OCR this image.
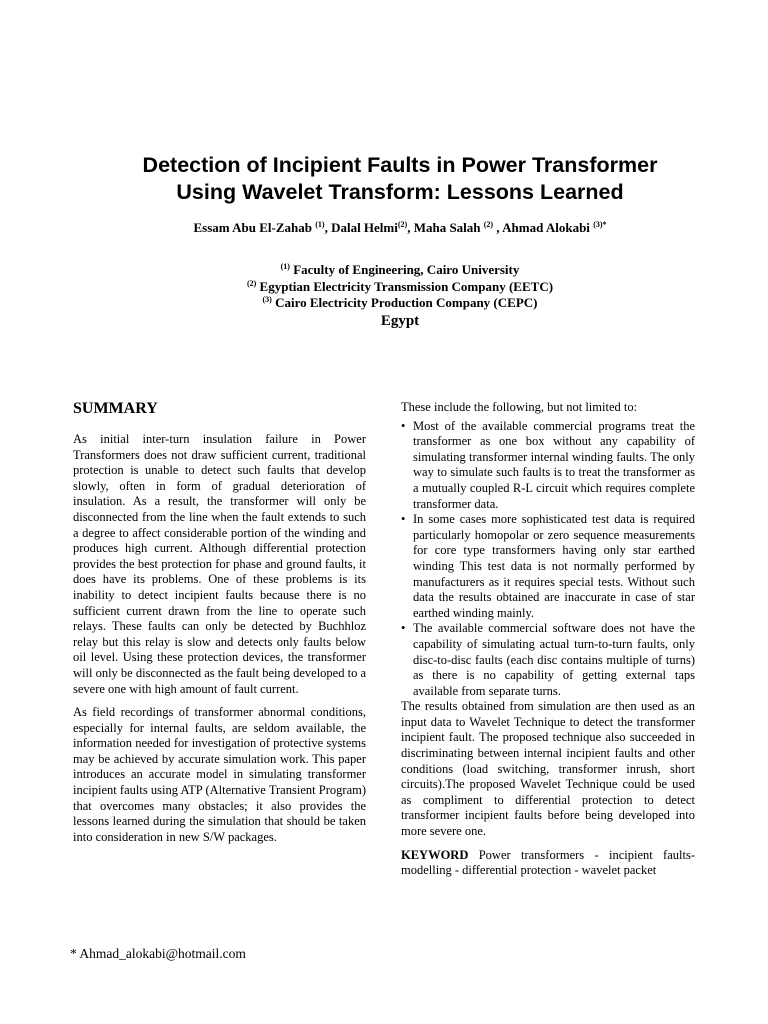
Detection of Incipient Faults in Power Transformer
Using Wavelet Transform: Lessons Learned
Essam Abu El-Zahab $^{(1)}$, Dalal Helmi$^{(2)}$, Maha Salah $^{(2)}$ , Ahmad Alokabi $^{(3)*}$
$^{(1)}$ Faculty of Engineering, Cairo University
$^{(2)}$ Egyptian Electricity Transmission Company (EETC)
$^{(3)}$ Cairo Electricity Production Company (CEPC)
Egypt
SUMMARY

As initial inter-turn insulation failure in Power Transformers does not draw sufficient current, traditional protection is unable to detect such faults that develop slowly, often in form of gradual deterioration of insulation. As a result, the transformer will only be disconnected from the line when the fault extends to such a degree to affect considerable portion of the winding and produces high current. Although differential protection provides the best protection for phase and ground faults, it does have its problems. One of these problems is its inability to detect incipient faults because there is no sufficient current drawn from the line to operate such relays. These faults can only be detected by Buchhloz relay but this relay is slow and detects only faults below oil level. Using these protection devices, the transformer will only be disconnected as the fault being developed to a severe one with high amount of fault current.

As field recordings of transformer abnormal conditions, especially for internal faults, are seldom available, the information needed for investigation of protective systems may be achieved by accurate simulation work. This paper introduces an accurate model in simulating transformer incipient faults using ATP (Alternative Transient Program) that overcomes many obstacles; it also provides the lessons learned during the simulation that should be taken into consideration in new S/W packages.

These include the following, but not limited to:

• Most of the available commercial programs treat the transformer as one box without any capability of simulating transformer internal winding faults. The only way to simulate such faults is to treat the transformer as a mutually coupled R-L circuit which requires complete transformer data.
• In some cases more sophisticated test data is required particularly homopolar or zero sequence measurements for core type transformers having only star earthed winding This test data is not normally performed by manufacturers as it requires special tests. Without such data the results obtained are inaccurate in case of star earthed winding mainly.
• The available commercial software does not have the capability of simulating actual turn-to-turn faults, only disc-to-disc faults (each disc contains multiple of turns) as there is no capability of getting external taps available from separate turns.

The results obtained from simulation are then used as an input data to Wavelet Technique to detect the transformer incipient fault. The proposed technique also succeeded in discriminating between internal incipient faults and other conditions (load switching, transformer inrush, short circuits).The proposed Wavelet Technique could be used as compliment to differential protection to detect transformer incipient faults before being developed into more severe one.

KEYWORD Power transformers - incipient faults- modelling - differential protection - wavelet packet

* Ahmad_alokabi@hotmail.com
